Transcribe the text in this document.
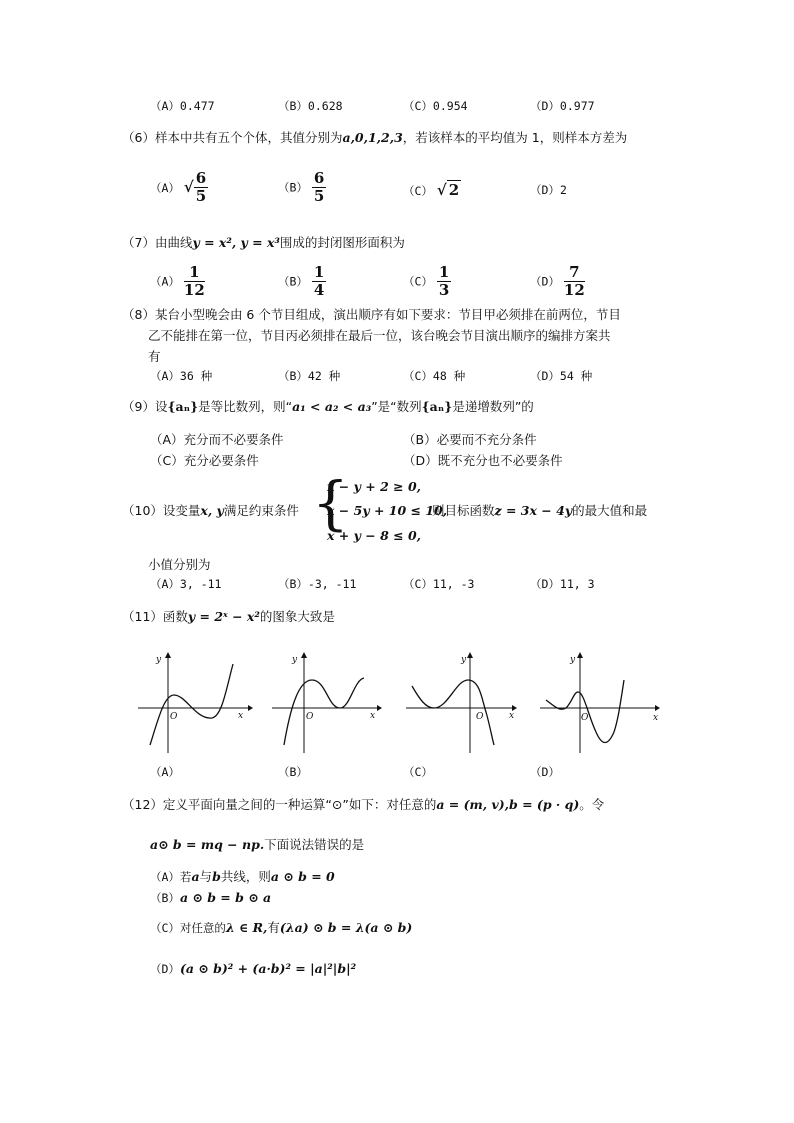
（A）0.477	（B）0.628	（C）0.954	（D）0.977
（6）样本中共有五个个体，其值分别为a,0,1,2,3，若该样本的平均值为 1，则样本方差为
（A） √ $\frac{6}{5}$	$(B) \frac{6}{5}$	（C） √ 2	（D）2
（7）由曲线y = x², y = x³围成的封闭图形面积为
$(A) \frac{1}{12}$	$(B) \frac{1}{4}$	$(C) \frac{1}{3}$	$(D) \frac{7}{12}$
（8）某台小型晚会由 6 个节目组成，演出顺序有如下要求：节目甲必须排在前两位，节目
乙不能排在第一位，节目丙必须排在最后一位，该台晚会节目演出顺序的编排方案共
有
（A）36 种	（B）42 种	（C）48 种	（D）54 种
（9）设{aₙ}是等比数列，则“a₁ < a₂ < a₃”是“数列{aₙ}是递增数列”的
（A）充分而不必要条件	（B）必要而不充分条件
（C）充分必要条件	（D）既不充分也不必要条件
（10）设变量x, y满足约束条件 {
x − y + 2 ≥ 0,
x − 5y + 10 ≤ 10,
x + y − 8 ≤ 0,
则目标函数z = 3x − 4y的最大值和最
小值分别为
（A）3, -11	（B）-3, -11	（C）11, -3	（D）11, 3
（11）函数y = 2ˣ − x²的图象大致是
y
x
O
y
x
O
y
x
O
y
x
O
（A）	（B）	（C）	（D）
（12）定义平面向量之间的一种运算“⊙”如下：对任意的a = (m, v),b = (p · q)。令
a⊙ b = mq − np.下面说法错误的是
（A）若a与b共线，则a ⊙ b = 0
（B）a ⊙ b = b ⊙ a
（C）对任意的λ ∈ R,有(λa) ⊙ b = λ(a ⊙ b)
（D）(a ⊙ b)² + (a·b)² = |a|²|b|²
